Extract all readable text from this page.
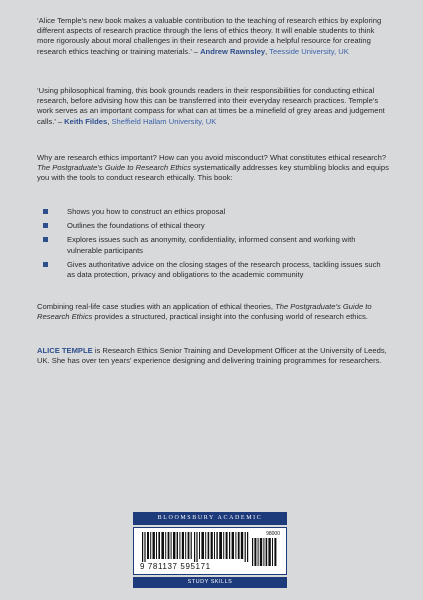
‘Alice Temple’s new book makes a valuable contribution to the teaching of research ethics by exploring different aspects of research practice through the lens of ethics theory. It will enable students to think more rigorously about moral challenges in their research and provide a helpful resource for creating research ethics teaching or training materials.’ – Andrew Rawnsley, Teesside University, UK

‘Using philosophical framing, this book grounds readers in their responsibilities for conducting ethical research, before advising how this can be transferred into their everyday research practices. Temple’s work serves as an important compass for what can at times be a minefield of grey areas and judgement calls.’ – Keith Fildes, Sheffield Hallam University, UK

Why are research ethics important? How can you avoid misconduct? What constitutes ethical research? The Postgraduate’s Guide to Research Ethics systematically addresses key stumbling blocks and equips you with the tools to conduct research ethically. This book:

Shows you how to construct an ethics proposal
Outlines the foundations of ethical theory
Explores issues such as anonymity, confidentiality, informed consent and working with vulnerable participants
Gives authoritative advice on the closing stages of the research process, tackling issues such as data protection, privacy and obligations to the academic community

Combining real-life case studies with an application of ethical theories, The Postgraduate’s Guide to Research Ethics provides a structured, practical insight into the confusing world of research ethics.

ALICE TEMPLE is Research Ethics Senior Training and Development Officer at the University of Leeds, UK. She has over ten years’ experience designing and delivering training programmes for researchers.

BLOOMSBURY ACADEMIC
9 781137 595171
98000
STUDY SKILLS
